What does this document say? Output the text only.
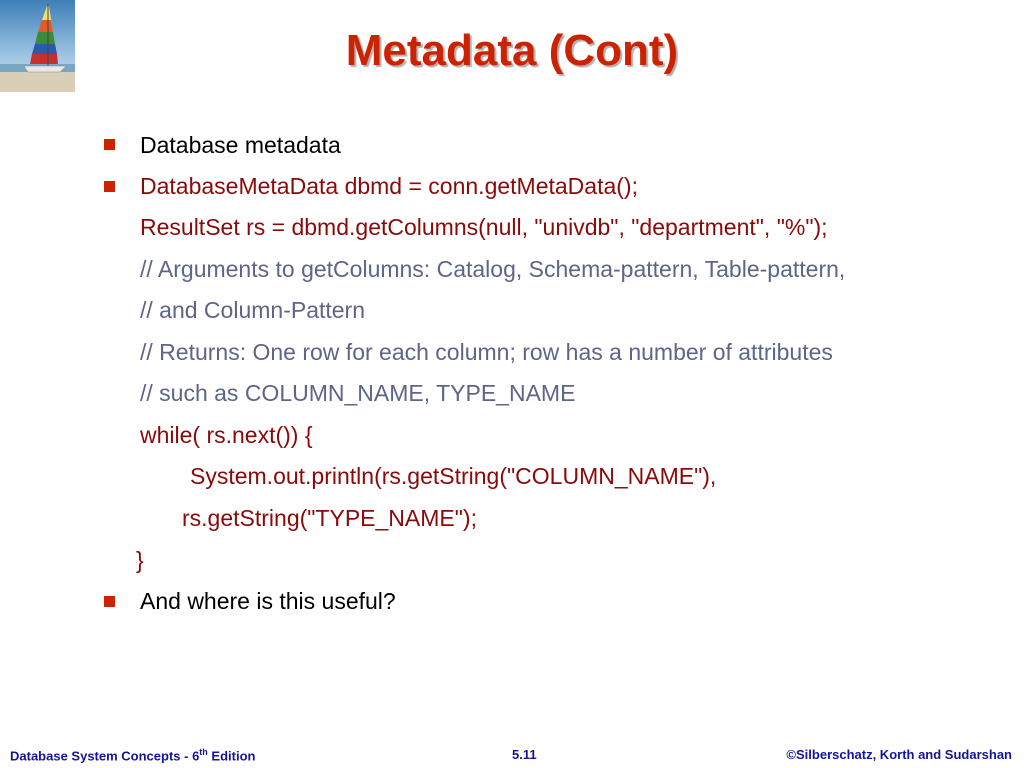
Metadata (Cont)
Database metadata
DatabaseMetaData dbmd = conn.getMetaData();
ResultSet rs = dbmd.getColumns(null, "univdb", "department", "%");
// Arguments to getColumns: Catalog, Schema-pattern, Table-pattern,
// and Column-Pattern
// Returns: One row for each column; row has a number of attributes
// such as COLUMN_NAME, TYPE_NAME
while( rs.next()) {
System.out.println(rs.getString("COLUMN_NAME"),
rs.getString("TYPE_NAME");
}
And where is this useful?
Database System Concepts - 6th Edition	5.11	©Silberschatz, Korth and Sudarshan
